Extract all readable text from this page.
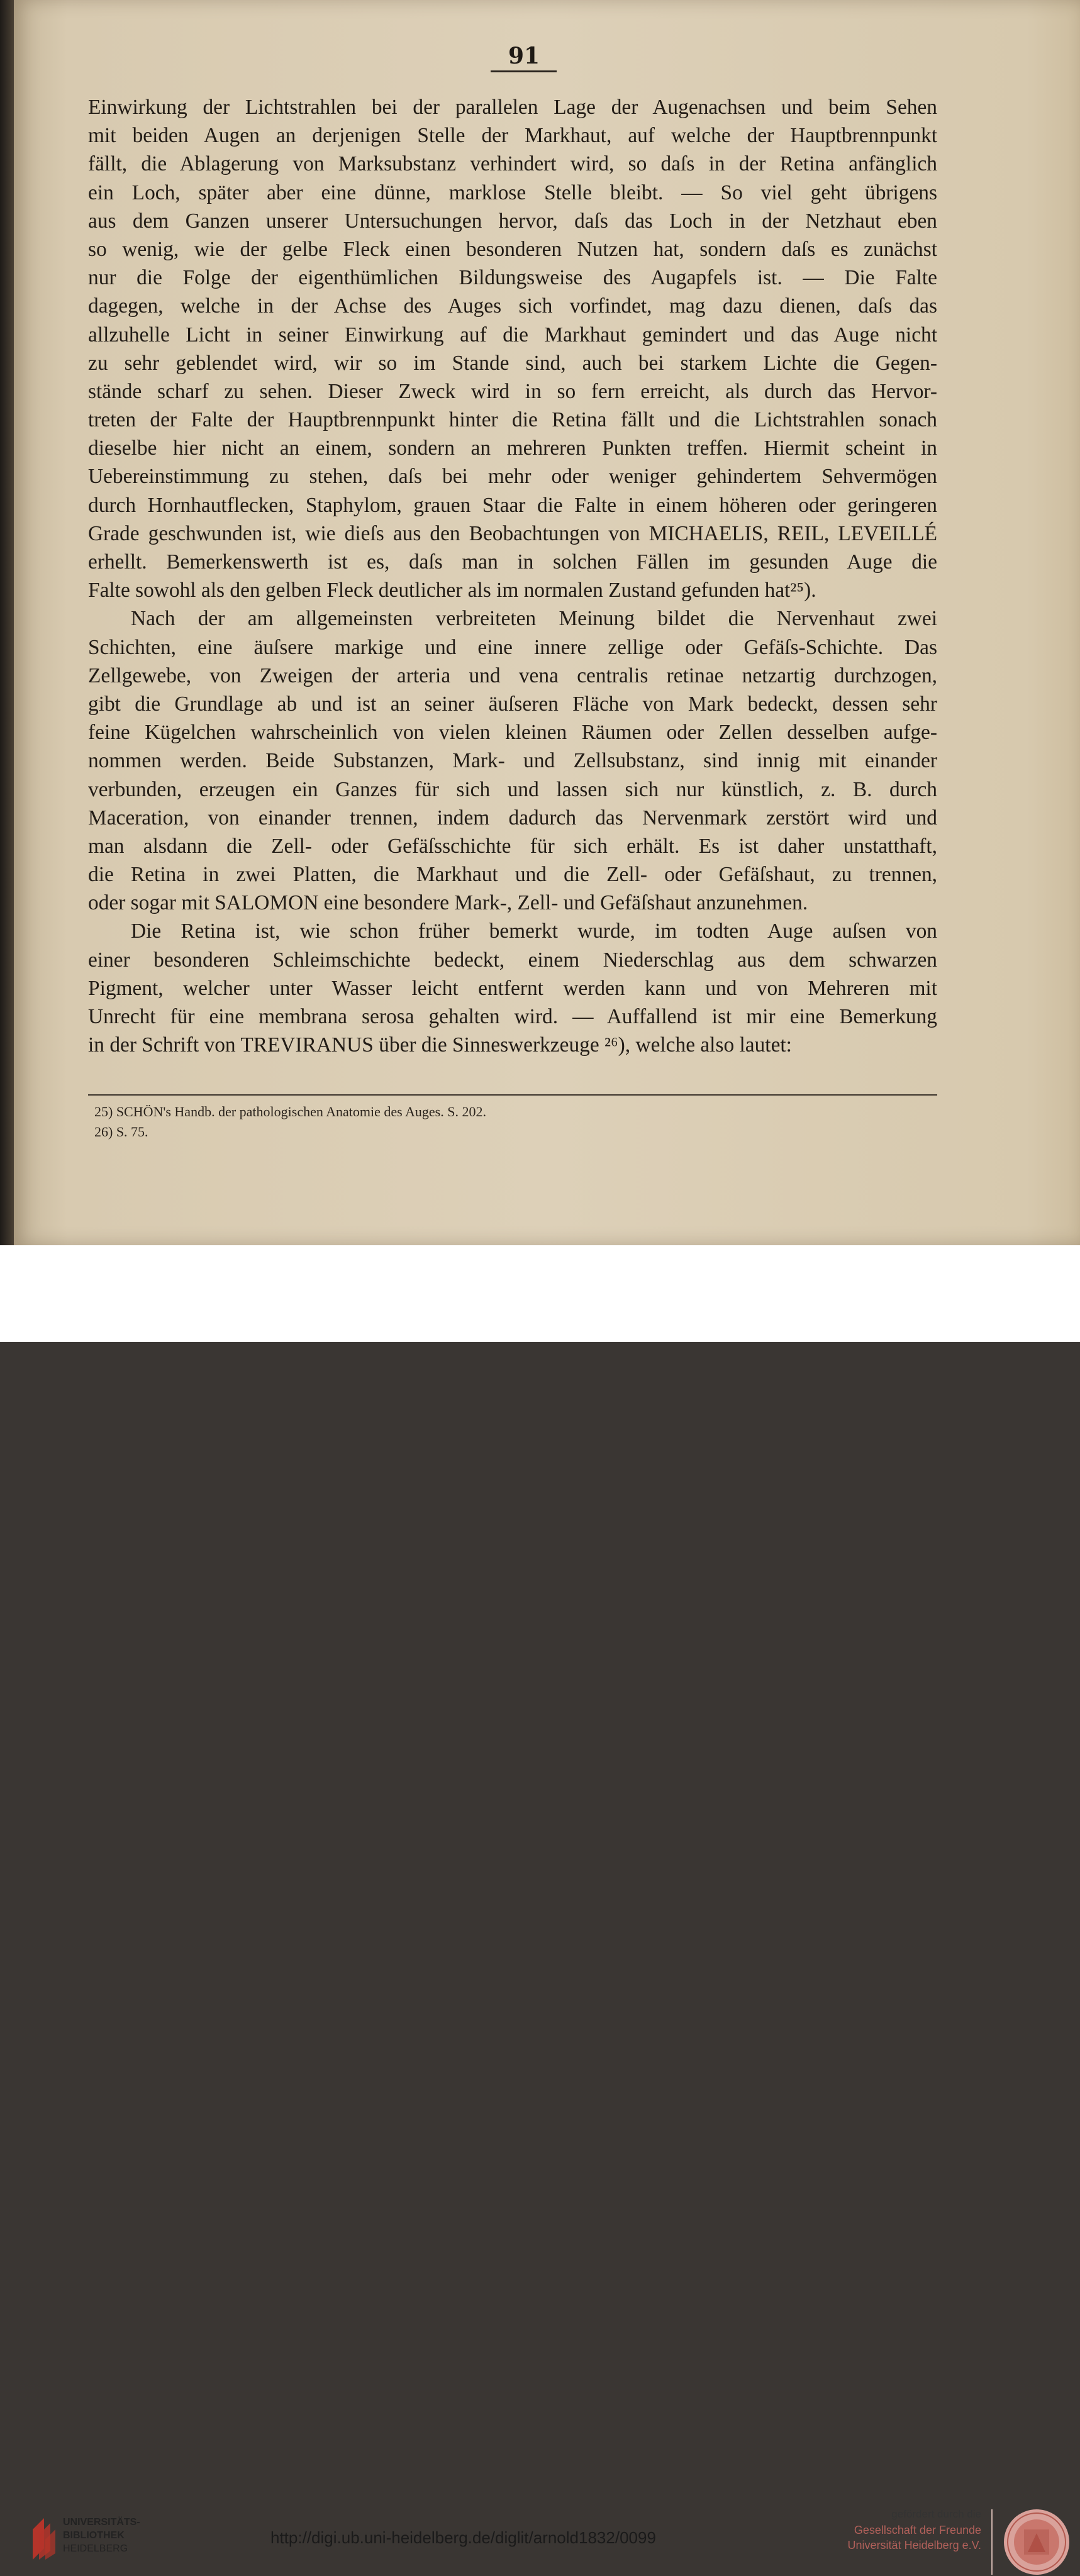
91
Einwirkung der Lichtstrahlen bei der parallelen Lage der Augenachsen und beim Sehen
mit beiden Augen an derjenigen Stelle der Markhaut, auf welche der Hauptbrennpunkt
fällt, die Ablagerung von Marksubstanz verhindert wird, so daſs in der Retina anfänglich
ein Loch, später aber eine dünne, marklose Stelle bleibt. — So viel geht übrigens
aus dem Ganzen unserer Untersuchungen hervor, daſs das Loch in der Netzhaut eben
so wenig, wie der gelbe Fleck einen besonderen Nutzen hat, sondern daſs es zunächst
nur die Folge der eigenthümlichen Bildungsweise des Augapfels ist. — Die Falte
dagegen, welche in der Achse des Auges sich vorfindet, mag dazu dienen, daſs das
allzuhelle Licht in seiner Einwirkung auf die Markhaut gemindert und das Auge nicht
zu sehr geblendet wird, wir so im Stande sind, auch bei starkem Lichte die Gegen-
stände scharf zu sehen. Dieser Zweck wird in so fern erreicht, als durch das Hervor-
treten der Falte der Hauptbrennpunkt hinter die Retina fällt und die Lichtstrahlen sonach
dieselbe hier nicht an einem, sondern an mehreren Punkten treffen. Hiermit scheint in
Uebereinstimmung zu stehen, daſs bei mehr oder weniger gehindertem Sehvermögen
durch Hornhautflecken, Staphylom, grauen Staar die Falte in einem höheren oder geringeren
Grade geschwunden ist, wie dieſs aus den Beobachtungen von MICHAELIS, REIL, LEVEILLÉ
erhellt. Bemerkenswerth ist es, daſs man in solchen Fällen im gesunden Auge die
Falte sowohl als den gelben Fleck deutlicher als im normalen Zustand gefunden hat²⁵).
Nach der am allgemeinsten verbreiteten Meinung bildet die Nervenhaut zwei
Schichten, eine äuſsere markige und eine innere zellige oder Gefäſs-Schichte. Das
Zellgewebe, von Zweigen der arteria und vena centralis retinae netzartig durchzogen,
gibt die Grundlage ab und ist an seiner äuſseren Fläche von Mark bedeckt, dessen sehr
feine Kügelchen wahrscheinlich von vielen kleinen Räumen oder Zellen desselben aufge-
nommen werden. Beide Substanzen, Mark- und Zellsubstanz, sind innig mit einander
verbunden, erzeugen ein Ganzes für sich und lassen sich nur künstlich, z. B. durch
Maceration, von einander trennen, indem dadurch das Nervenmark zerstört wird und
man alsdann die Zell- oder Gefäſsschichte für sich erhält. Es ist daher unstatthaft,
die Retina in zwei Platten, die Markhaut und die Zell- oder Gefäſshaut, zu trennen,
oder sogar mit SALOMON eine besondere Mark-, Zell- und Gefäſshaut anzunehmen.
Die Retina ist, wie schon früher bemerkt wurde, im todten Auge auſsen von
einer besonderen Schleimschichte bedeckt, einem Niederschlag aus dem schwarzen
Pigment, welcher unter Wasser leicht entfernt werden kann und von Mehreren mit
Unrecht für eine membrana serosa gehalten wird. — Auffallend ist mir eine Bemerkung
in der Schrift von TREVIRANUS über die Sinneswerkzeuge ²⁶), welche also lautet:
25) SCHÖN's Handb. der pathologischen Anatomie des Auges. S. 202.
26) S. 75.
UNIVERSITÄTS-
BIBLIOTHEK
HEIDELBERG
http://digi.ub.uni-heidelberg.de/diglit/arnold1832/0099
gefördert durch die
Gesellschaft der Freunde
Universität Heidelberg e.V.
